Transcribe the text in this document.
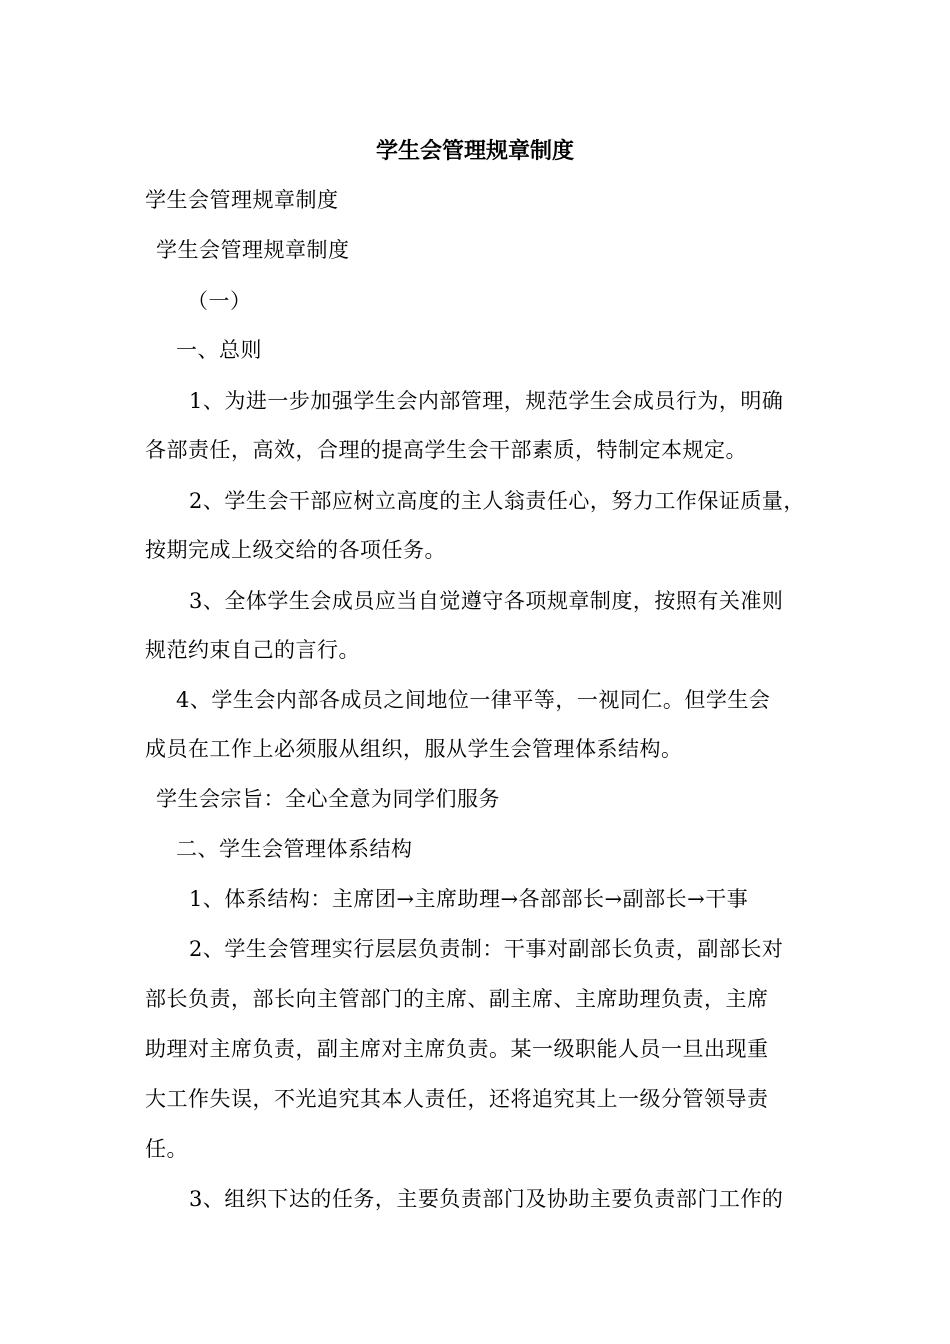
学生会管理规章制度
学生会管理规章制度
学生会管理规章制度
（一）
一、总则
1、为进一步加强学生会内部管理，规范学生会成员行为，明确
各部责任，高效，合理的提高学生会干部素质，特制定本规定。
2、学生会干部应树立高度的主人翁责任心，努力工作保证质量，
按期完成上级交给的各项任务。
3、全体学生会成员应当自觉遵守各项规章制度，按照有关准则
规范约束自己的言行。
4、学生会内部各成员之间地位一律平等，一视同仁。但学生会
成员在工作上必须服从组织，服从学生会管理体系结构。
学生会宗旨：全心全意为同学们服务
二、学生会管理体系结构
1、体系结构：主席团→主席助理→各部部长→副部长→干事
2、学生会管理实行层层负责制：干事对副部长负责，副部长对
部长负责，部长向主管部门的主席、副主席、主席助理负责，主席
助理对主席负责，副主席对主席负责。某一级职能人员一旦出现重
大工作失误，不光追究其本人责任，还将追究其上一级分管领导责
任。
3、组织下达的任务，主要负责部门及协助主要负责部门工作的
